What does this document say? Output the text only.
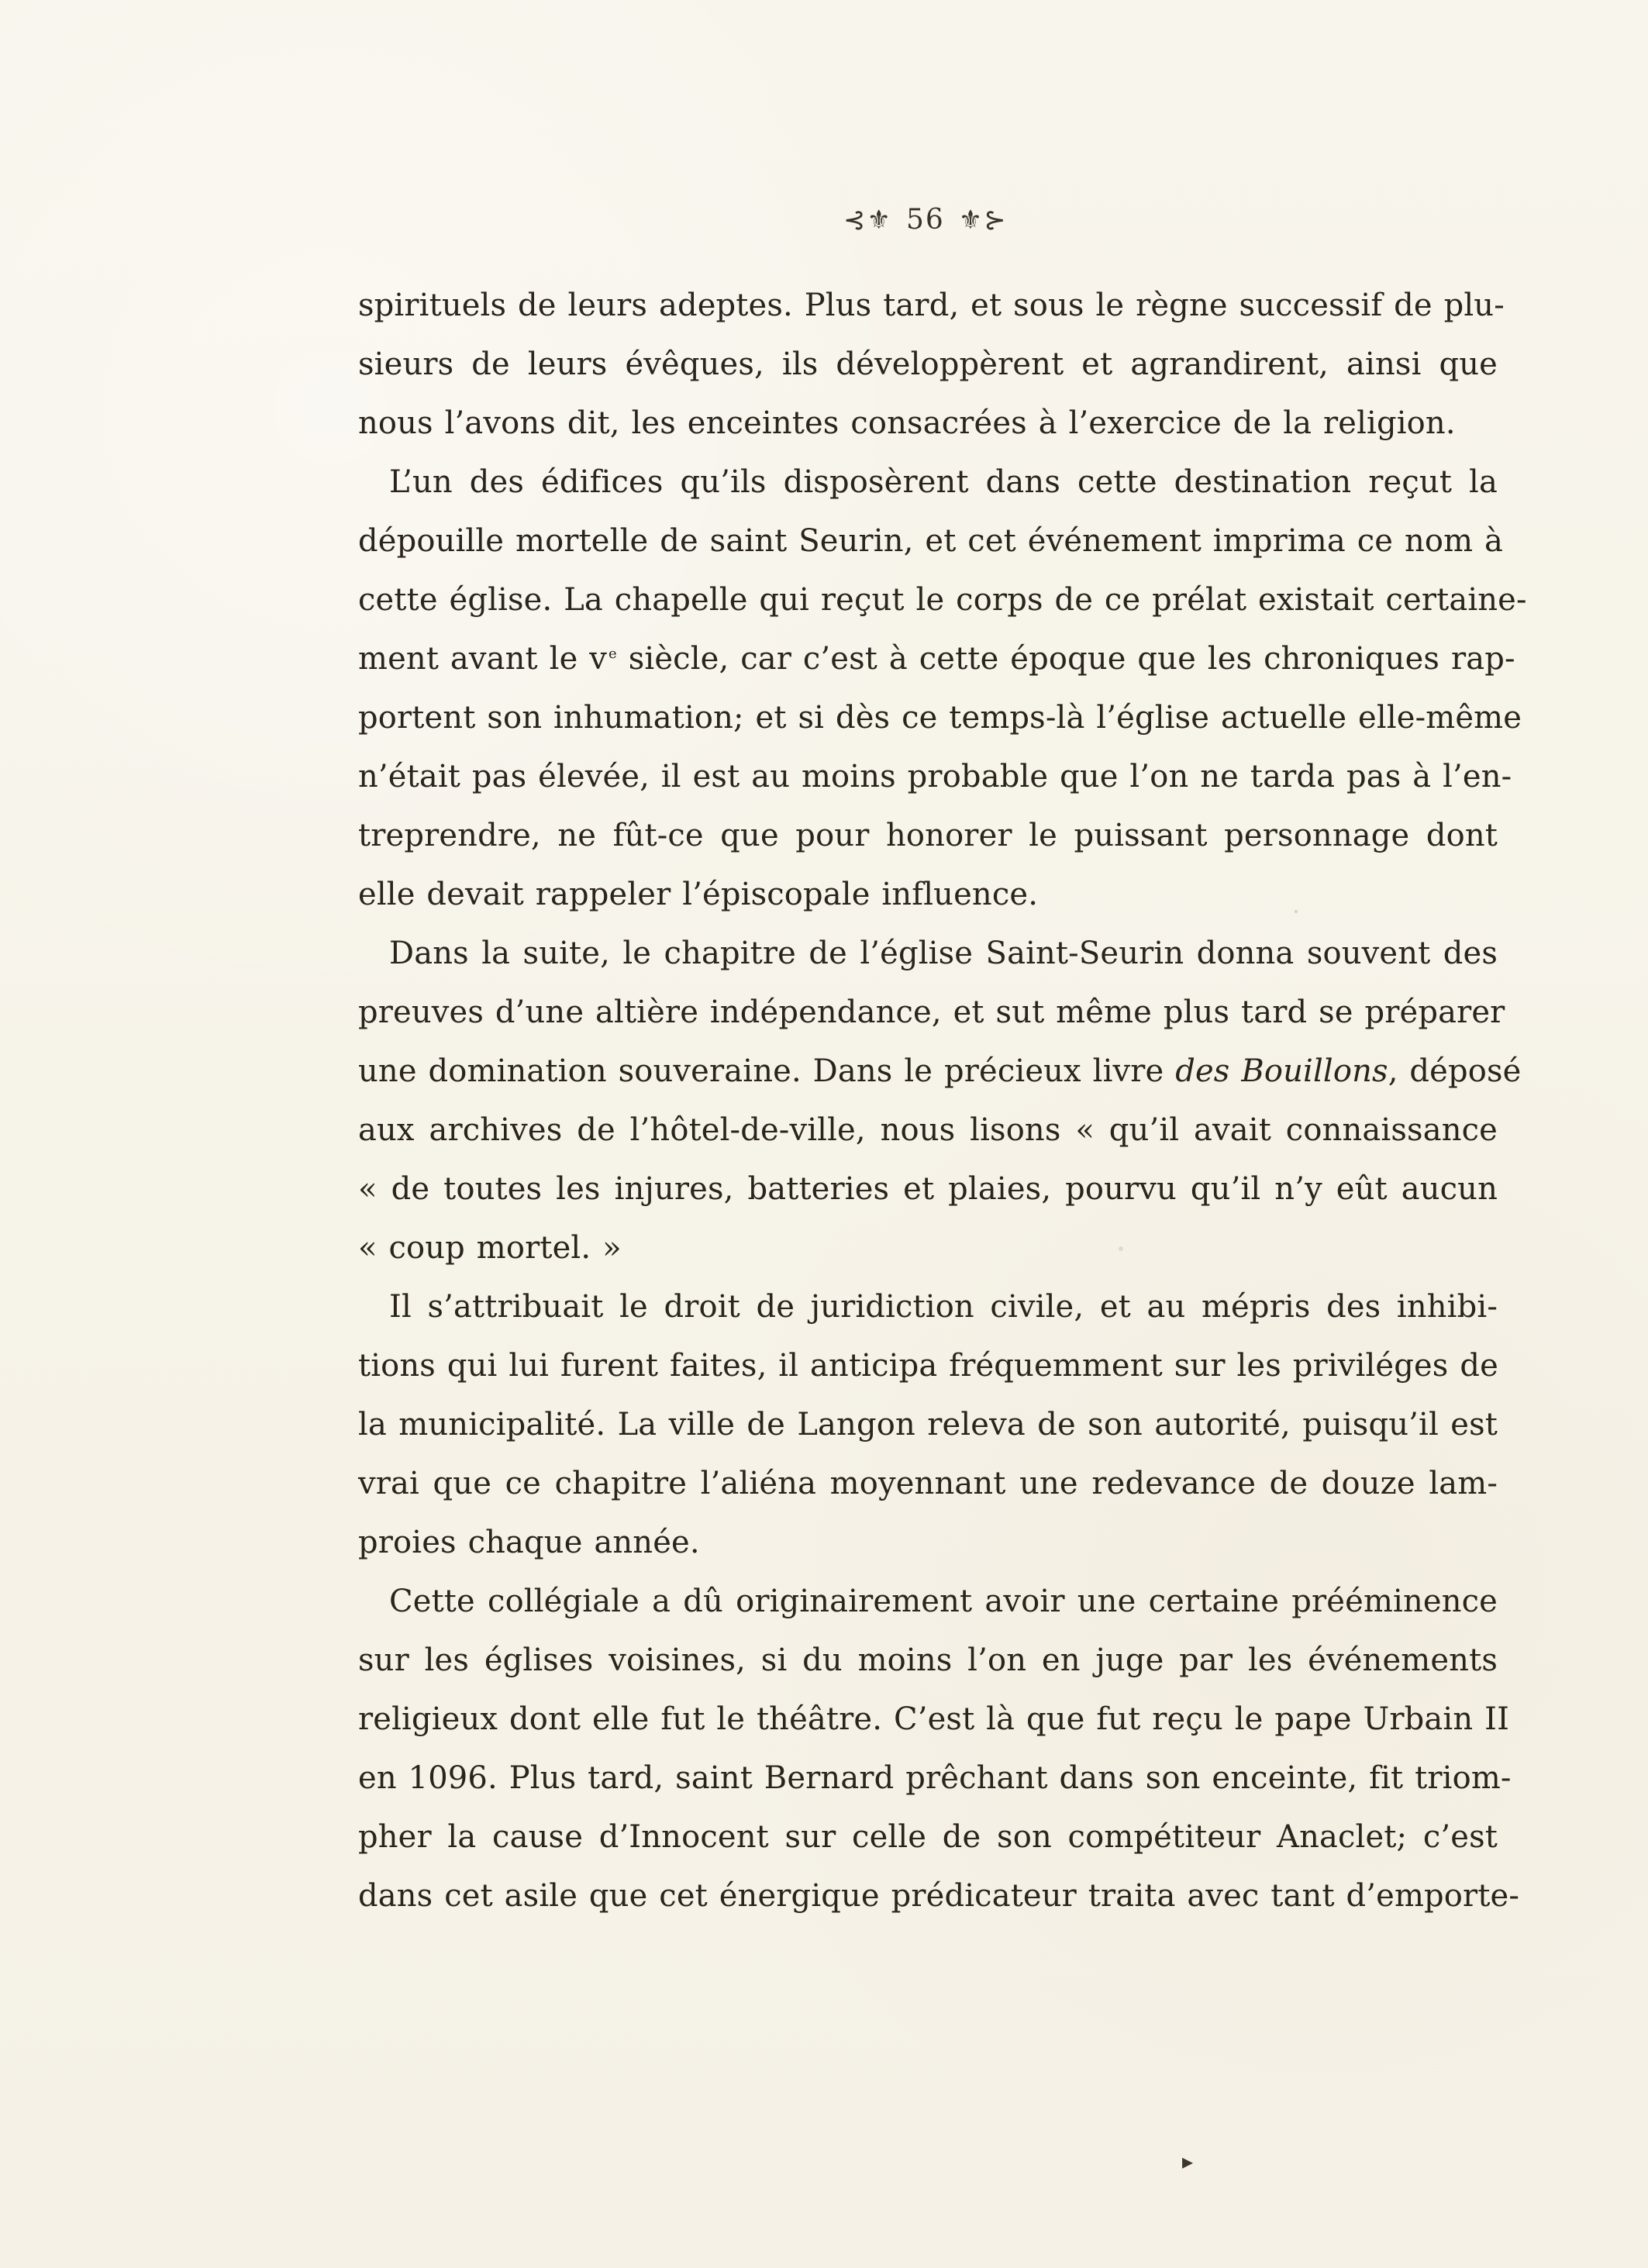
⊰⚜ 56 ⚜⊱
spirituels de leurs adeptes. Plus tard, et sous le règne successif de plu-
sieurs de leurs évêques, ils développèrent et agrandirent, ainsi que
nous l’avons dit, les enceintes consacrées à l’exercice de la religion.
L’un des édifices qu’ils disposèrent dans cette destination reçut la
dépouille mortelle de saint Seurin, et cet événement imprima ce nom à
cette église. La chapelle qui reçut le corps de ce prélat existait certaine-
ment avant le v $^e$ siècle, car c’est à cette époque que les chroniques rap-
portent son inhumation; et si dès ce temps-là l’église actuelle elle-même
n’était pas élevée, il est au moins probable que l’on ne tarda pas à l’en-
treprendre, ne fût-ce que pour honorer le puissant personnage dont
elle devait rappeler l’épiscopale influence.
Dans la suite, le chapitre de l’église Saint-Seurin donna souvent des
preuves d’une altière indépendance, et sut même plus tard se préparer
une domination souveraine. Dans le précieux livre des Bouillons, déposé
aux archives de l’hôtel-de-ville, nous lisons « qu’il avait connaissance
« de toutes les injures, batteries et plaies, pourvu qu’il n’y eût aucun
« coup mortel. »
Il s’attribuait le droit de juridiction civile, et au mépris des inhibi-
tions qui lui furent faites, il anticipa fréquemment sur les priviléges de
la municipalité. La ville de Langon releva de son autorité, puisqu’il est
vrai que ce chapitre l’aliéna moyennant une redevance de douze lam-
proies chaque année.
Cette collégiale a dû originairement avoir une certaine prééminence
sur les églises voisines, si du moins l’on en juge par les événements
religieux dont elle fut le théâtre. C’est là que fut reçu le pape Urbain II
en 1096. Plus tard, saint Bernard prêchant dans son enceinte, fit triom-
pher la cause d’Innocent sur celle de son compétiteur Anaclet; c’est
dans cet asile que cet énergique prédicateur traita avec tant d’emporte-
▸
